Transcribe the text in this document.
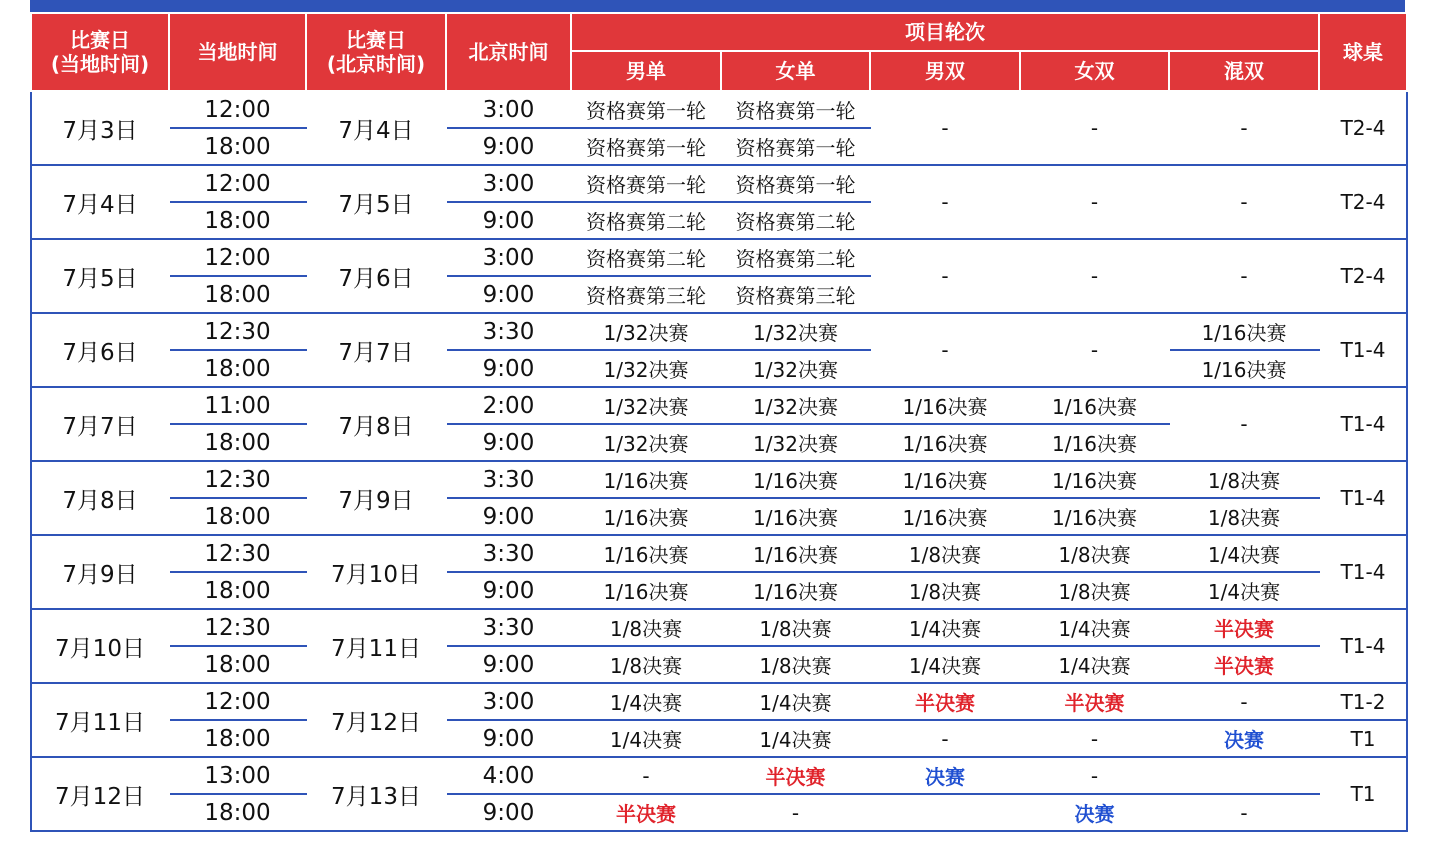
比赛日
(当地时间)	当地时间	比赛日
(北京时间)	北京时间	项目轮次					球桌
				男单	女单	男双	女双	混双	
7月3日	12:00	7月4日	3:00	资格赛第一轮	资格赛第一轮	-	-	-	T2-4
	18:00		9:00	资格赛第一轮	资格赛第一轮				
7月4日	12:00	7月5日	3:00	资格赛第一轮	资格赛第一轮	-	-	-	T2-4
	18:00		9:00	资格赛第二轮	资格赛第二轮				
7月5日	12:00	7月6日	3:00	资格赛第二轮	资格赛第二轮	-	-	-	T2-4
	18:00		9:00	资格赛第三轮	资格赛第三轮				
7月6日	12:30	7月7日	3:30	1/32决赛	1/32决赛	-	-	1/16决赛	T1-4
	18:00		9:00	1/32决赛	1/32决赛			1/16决赛	
7月7日	11:00	7月8日	2:00	1/32决赛	1/32决赛	1/16决赛	1/16决赛	-	T1-4
	18:00		9:00	1/32决赛	1/32决赛	1/16决赛	1/16决赛		
7月8日	12:30	7月9日	3:30	1/16决赛	1/16决赛	1/16决赛	1/16决赛	1/8决赛	T1-4
	18:00		9:00	1/16决赛	1/16决赛	1/16决赛	1/16决赛	1/8决赛	
7月9日	12:30	7月10日	3:30	1/16决赛	1/16决赛	1/8决赛	1/8决赛	1/4决赛	T1-4
	18:00		9:00	1/16决赛	1/16决赛	1/8决赛	1/8决赛	1/4决赛	
7月10日	12:30	7月11日	3:30	1/8决赛	1/8决赛	1/4决赛	1/4决赛	半决赛	T1-4
	18:00		9:00	1/8决赛	1/8决赛	1/4决赛	1/4决赛	半决赛	
7月11日	12:00	7月12日	3:00	1/4决赛	1/4决赛	半决赛	半决赛	-	T1-2
	18:00		9:00	1/4决赛	1/4决赛	-	-	决赛	T1
7月12日	13:00	7月13日	4:00	-	半决赛	决赛	-		T1
	18:00		9:00	半决赛	-		决赛	-	
